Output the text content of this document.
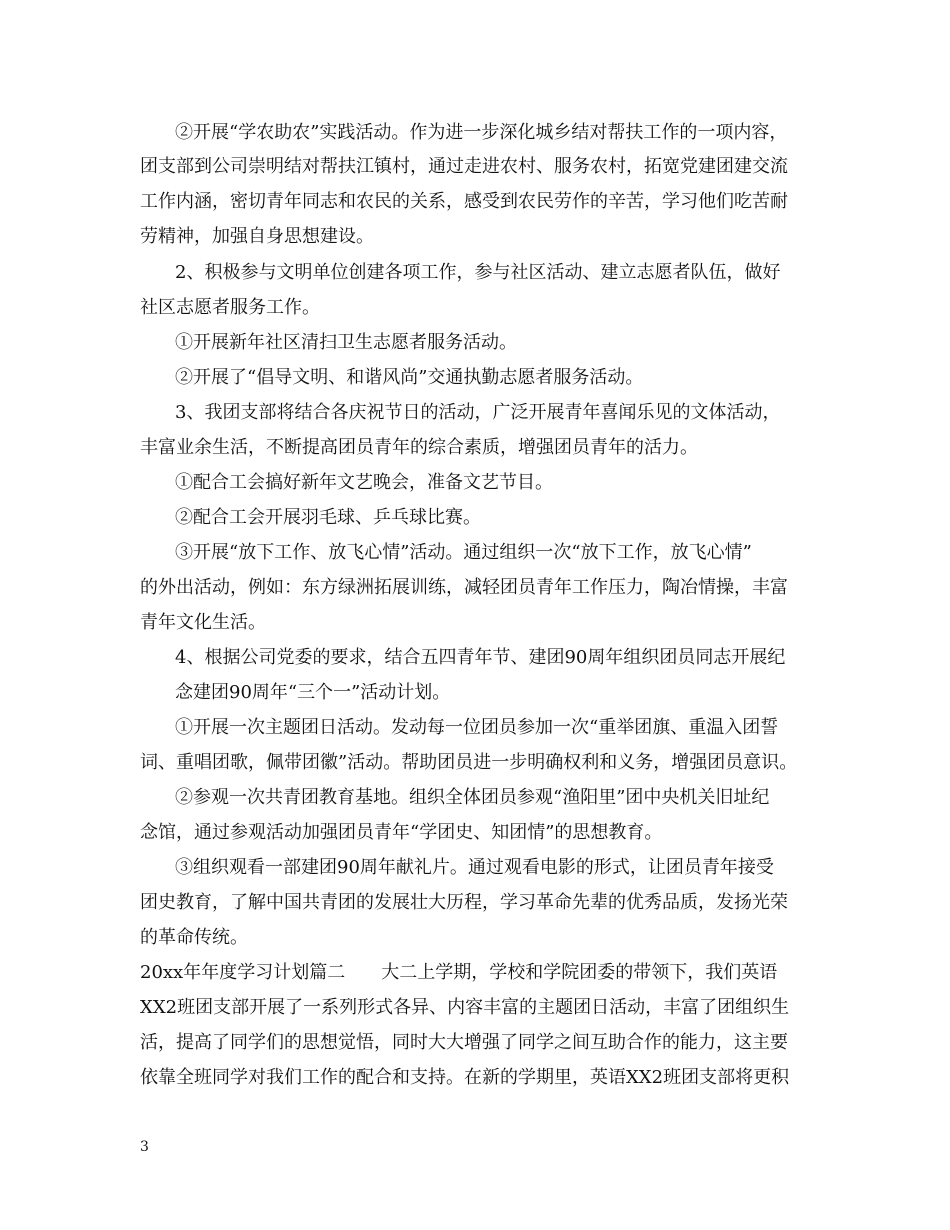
②开展“学农助农”实践活动。作为进一步深化城乡结对帮扶工作的一项内容，
团支部到公司崇明结对帮扶江镇村，通过走进农村、服务农村，拓宽党建团建交流
工作内涵，密切青年同志和农民的关系，感受到农民劳作的辛苦，学习他们吃苦耐
劳精神，加强自身思想建设。
2、积极参与文明单位创建各项工作，参与社区活动、建立志愿者队伍，做好
社区志愿者服务工作。
①开展新年社区清扫卫生志愿者服务活动。
②开展了“倡导文明、和谐风尚”交通执勤志愿者服务活动。
3、我团支部将结合各庆祝节日的活动，广泛开展青年喜闻乐见的文体活动，
丰富业余生活，不断提高团员青年的综合素质，增强团员青年的活力。
①配合工会搞好新年文艺晚会，准备文艺节目。
②配合工会开展羽毛球、乒乓球比赛。
③开展“放下工作、放飞心情”活动。通过组织一次“放下工作，放飞心情”
的外出活动，例如：东方绿洲拓展训练，减轻团员青年工作压力，陶冶情操，丰富
青年文化生活。
4、根据公司党委的要求，结合五四青年节、建团90周年组织团员同志开展纪
念建团90周年“三个一”活动计划。
①开展一次主题团日活动。发动每一位团员参加一次“重举团旗、重温入团誓
词、重唱团歌，佩带团徽”活动。帮助团员进一步明确权利和义务，增强团员意识。
②参观一次共青团教育基地。组织全体团员参观“渔阳里”团中央机关旧址纪
念馆，通过参观活动加强团员青年“学团史、知团情”的思想教育。
③组织观看一部建团90周年献礼片。通过观看电影的形式，让团员青年接受
团史教育，了解中国共青团的发展壮大历程，学习革命先辈的优秀品质，发扬光荣
的革命传统。
20xx年年度学习计划篇二　　大二上学期，学校和学院团委的带领下，我们英语
XX2班团支部开展了一系列形式各异、内容丰富的主题团日活动，丰富了团组织生
活，提高了同学们的思想觉悟，同时大大增强了同学之间互助合作的能力，这主要
依靠全班同学对我们工作的配合和支持。在新的学期里，英语XX2班团支部将更积
3
